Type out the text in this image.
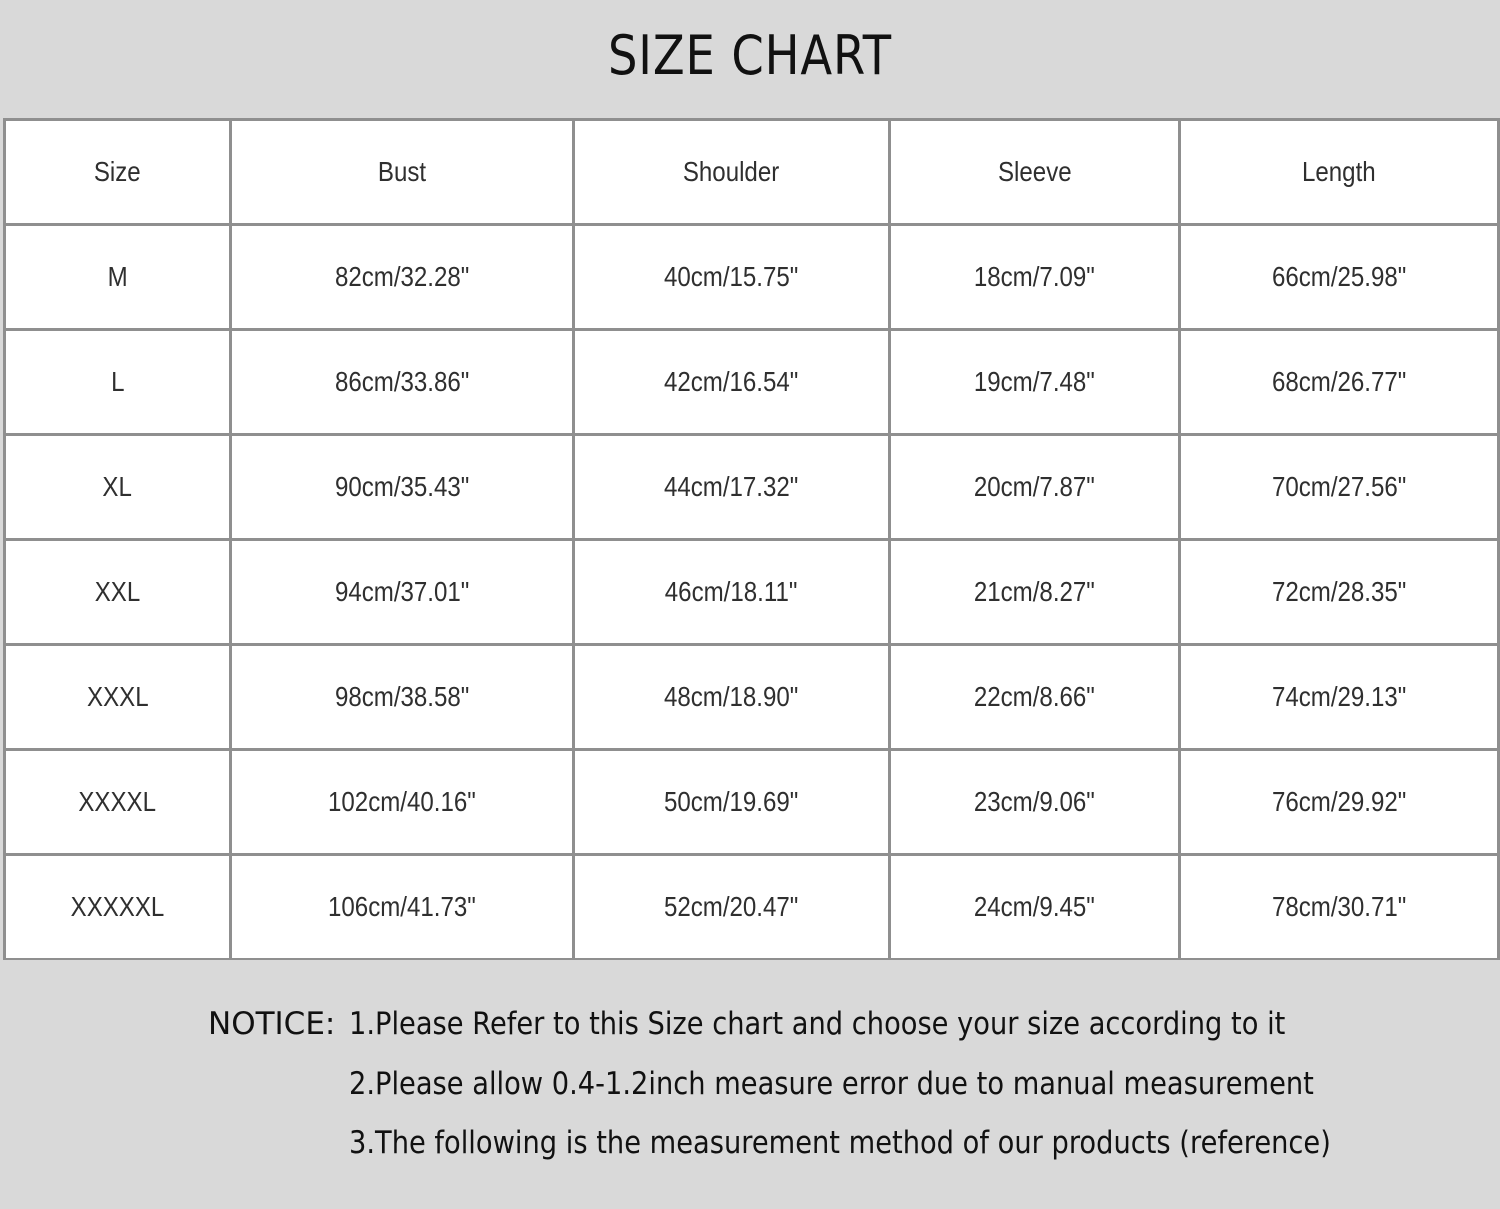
SIZE CHART
Size	Bust	Shoulder	Sleeve	Length
M	82cm/32.28"	40cm/15.75"	18cm/7.09"	66cm/25.98"
L	86cm/33.86"	42cm/16.54"	19cm/7.48"	68cm/26.77"
XL	90cm/35.43"	44cm/17.32"	20cm/7.87"	70cm/27.56"
XXL	94cm/37.01"	46cm/18.11"	21cm/8.27"	72cm/28.35"
XXXL	98cm/38.58"	48cm/18.90"	22cm/8.66"	74cm/29.13"
XXXXL	102cm/40.16"	50cm/19.69"	23cm/9.06"	76cm/29.92"
XXXXXL	106cm/41.73"	52cm/20.47"	24cm/9.45"	78cm/30.71"
NOTICE: 1.Please Refer to this Size chart and choose your size according to it
2.Please allow 0.4-1.2inch measure error due to manual measurement
3.The following is the measurement method of our products (reference)
